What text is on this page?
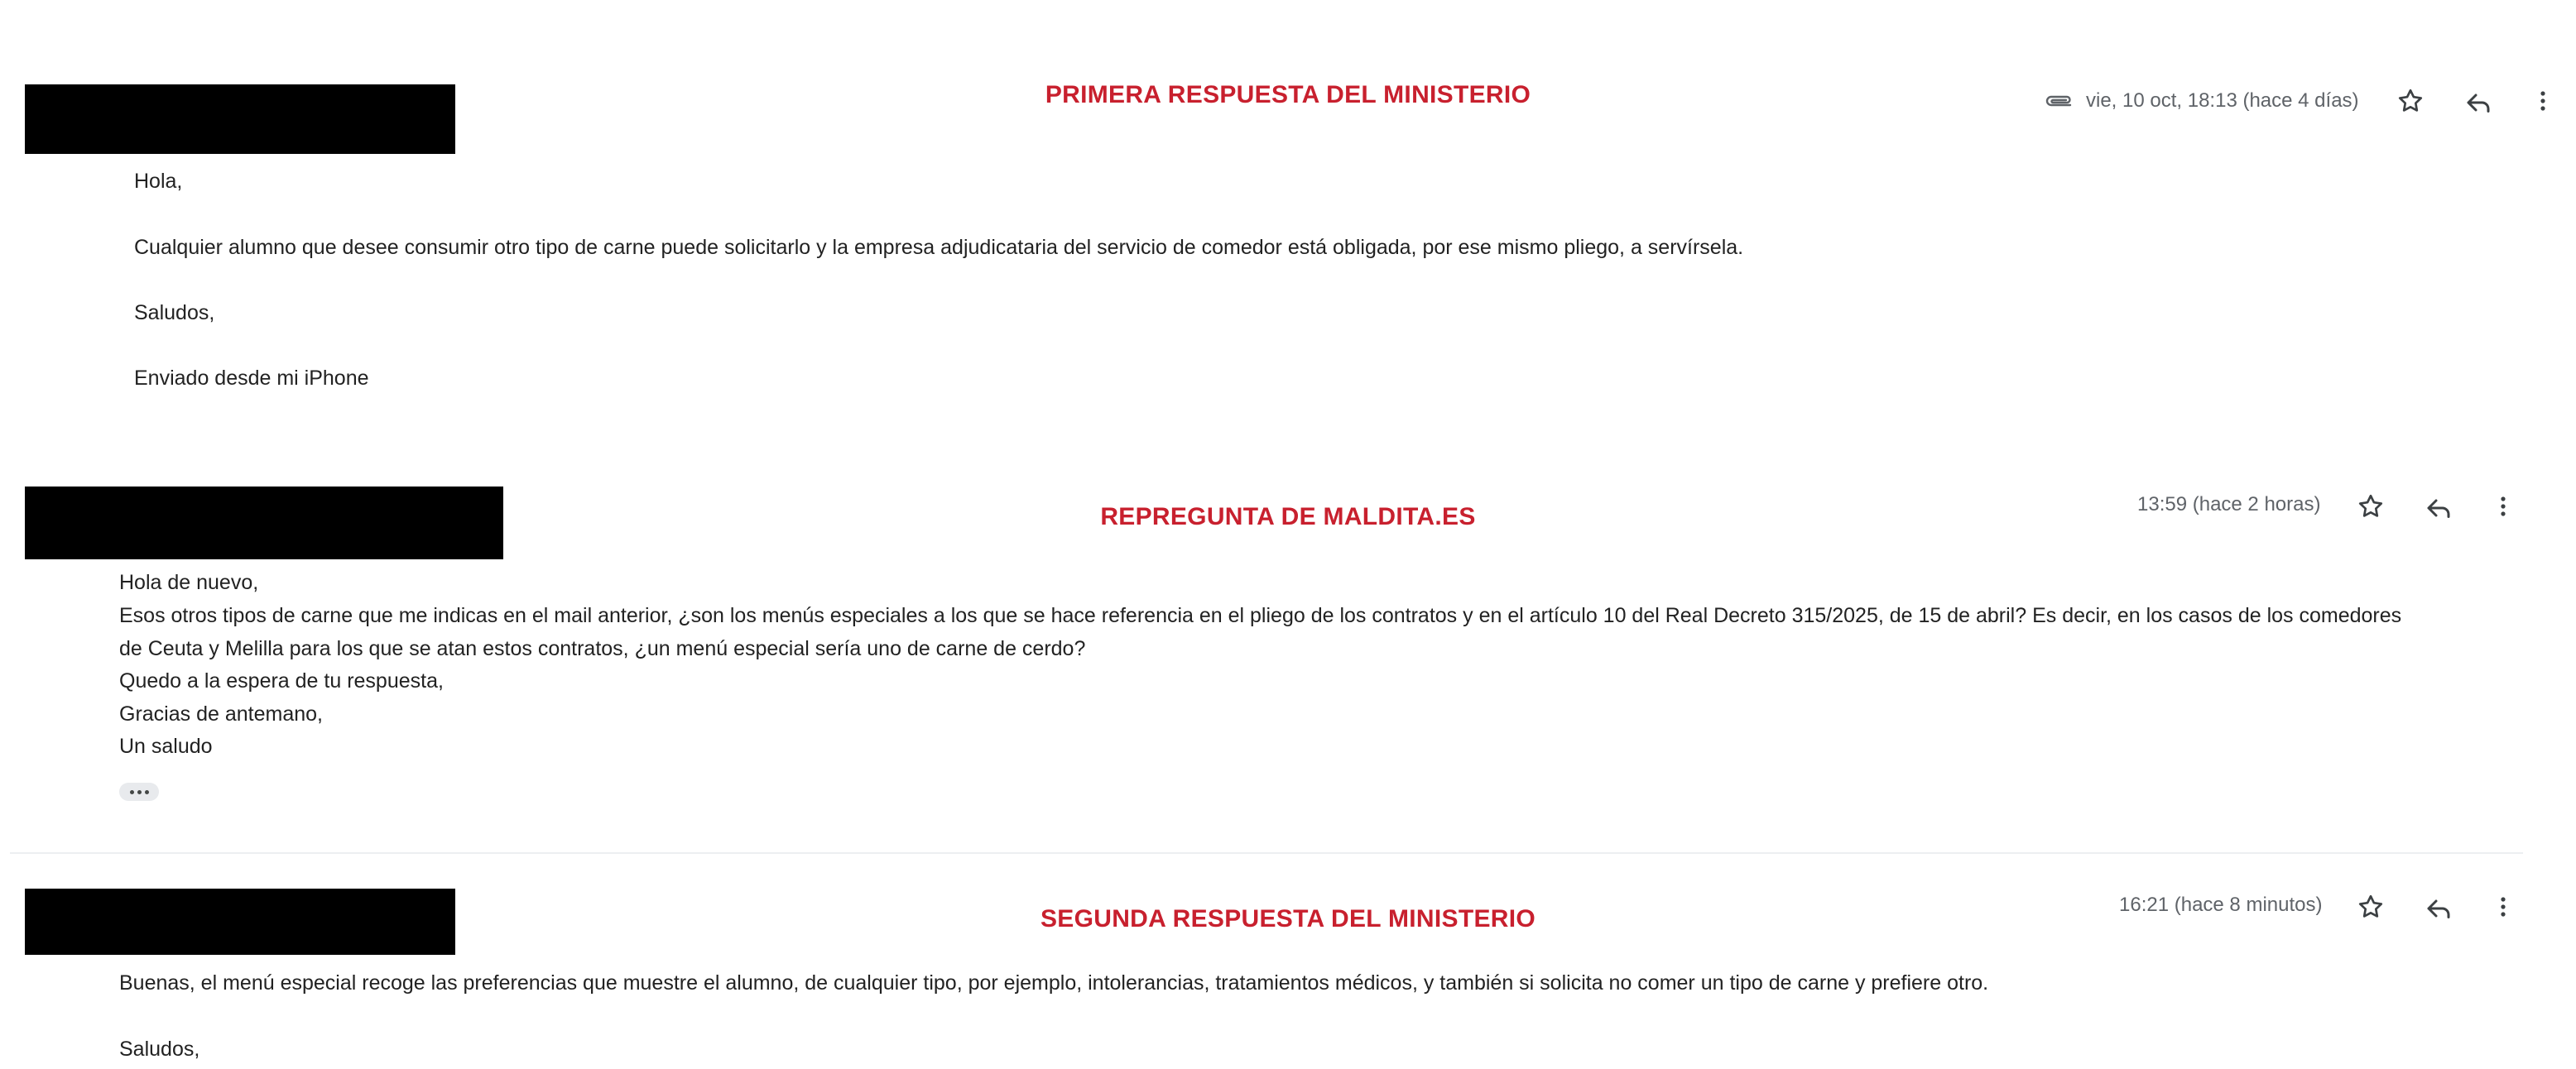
PRIMERA RESPUESTA DEL MINISTERIO	vie, 10 oct, 18:13 (hace 4 días)
Hola,
Cualquier alumno que desee consumir otro tipo de carne puede solicitarlo y la empresa adjudicataria del servicio de comedor está obligada, por ese mismo pliego, a servírsela.
Saludos,
Enviado desde mi iPhone
REPREGUNTA DE MALDITA.ES	13:59 (hace 2 horas)
Hola de nuevo,
Esos otros tipos de carne que me indicas en el mail anterior, ¿son los menús especiales a los que se hace referencia en el pliego de los contratos y en el artículo 10 del Real Decreto 315/2025, de 15 de abril? Es decir, en los casos de los comedores
de Ceuta y Melilla para los que se atan estos contratos, ¿un menú especial sería uno de carne de cerdo?
Quedo a la espera de tu respuesta,
Gracias de antemano,
Un saludo
SEGUNDA RESPUESTA DEL MINISTERIO
16:21 (hace 8 minutos)
Buenas, el menú especial recoge las preferencias que muestre el alumno, de cualquier tipo, por ejemplo, intolerancias, tratamientos médicos, y también si solicita no comer un tipo de carne y prefiere otro.
Saludos,
